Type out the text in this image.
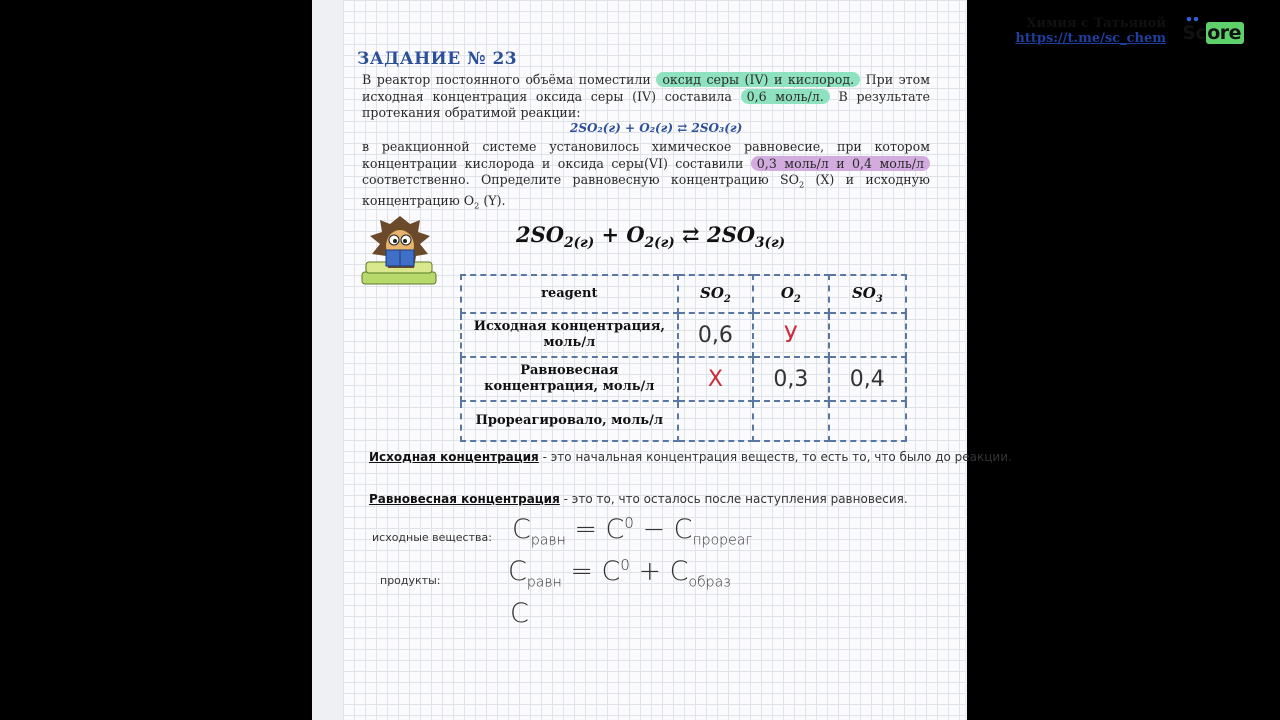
Химия с Татьяной
https://t.me/sc_chem Score
ЗАДАНИЕ № 23
В реактор постоянного объёма поместили оксид серы (IV) и кислород. При этом исходная концентрация оксида серы (IV) составила 0,6 моль/л. В результате протекания обратимой реакции:
2SO₂(г) + O₂(г) ⇄ 2SO₃(г)
в реакционной системе установилось химическое равновесие, при котором концентрации кислорода и оксида серы(VI) составили 0,3 моль/л и 0,4 моль/л соответственно. Определите равновесную концентрацию $SO_2$ (X) и исходную концентрацию $O_2$ (Y).
$2SO_{2(г)} + O_{2(г)}$ ⇄ $2SO_{3(г)}$
reagent	$SO_2$	$O_2$	$SO_3$
Исходная концентрация, моль/л	0,6	У	
Равновесная концентрация, моль/л	X	0,3	0,4
Прореагировало, моль/л			
Исходная концентрация - это начальная концентрация веществ, то есть то, что было до реакции.
Равновесная концентрация - это то, что осталось после наступления равновесия.
исходные вещества: $C_{равн} = C^0 - C_{прореаг}$
продукты:	$C_{равн} = C^0 + C_{образ}$
C
